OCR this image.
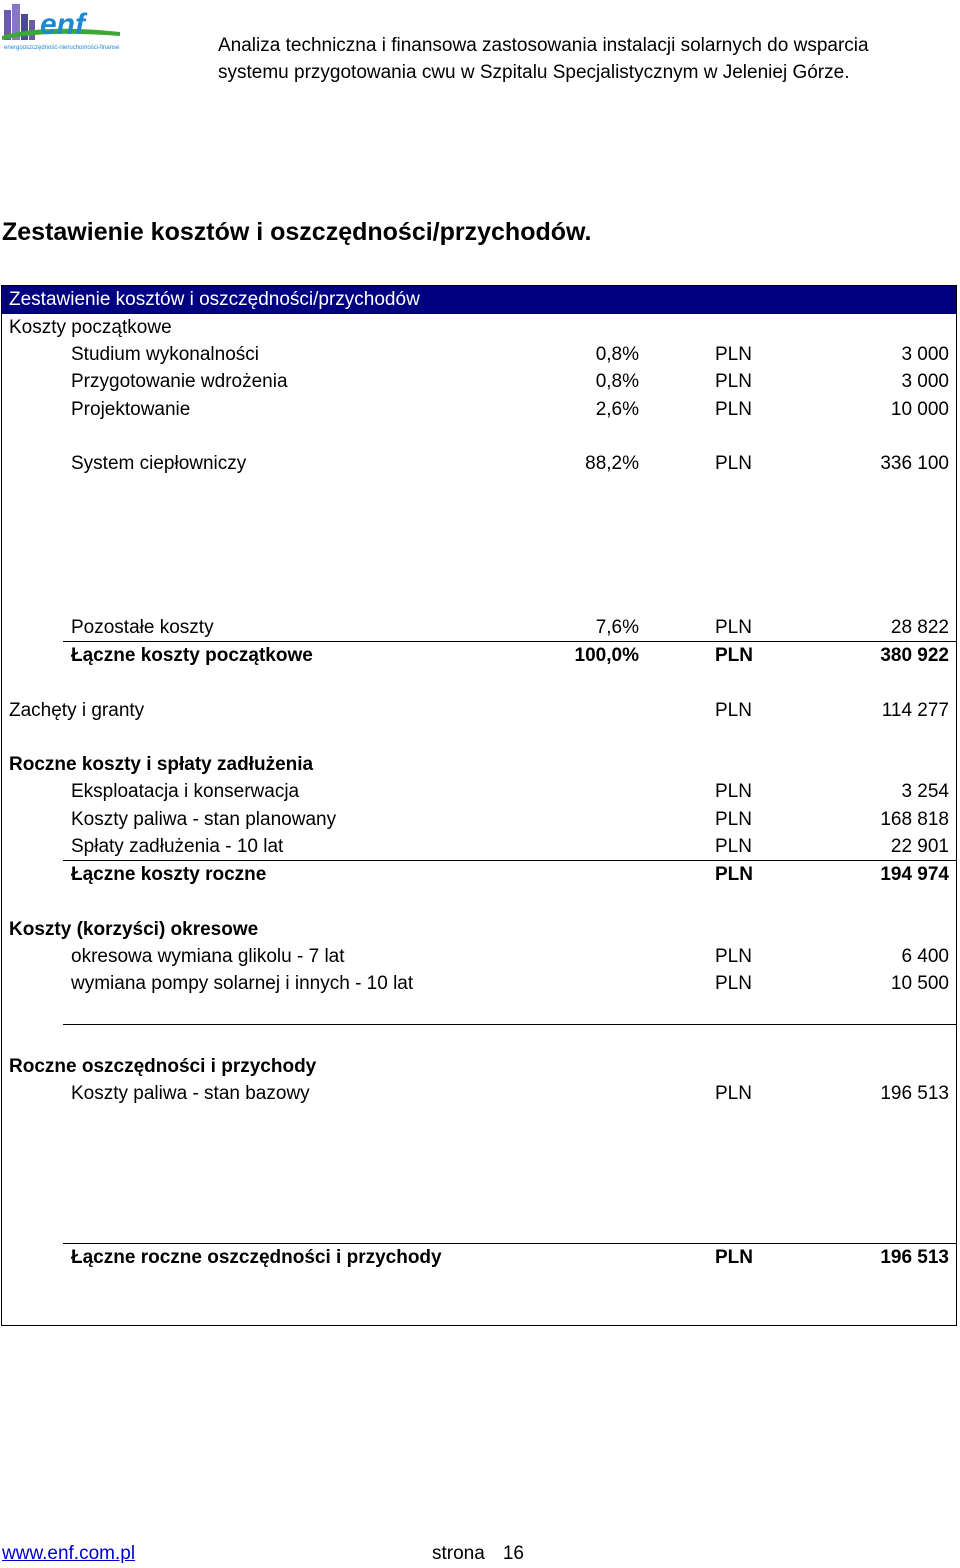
enf
energooszczędność-nieruchomości-finanse	Analiza techniczna i finansowa zastosowania instalacji solarnych do wsparcia systemu przygotowania cwu w Szpitalu Specjalistycznym w Jeleniej Górze.
Zestawienie kosztów i oszczędności/przychodów.
Zestawienie kosztów i oszczędności/przychodów
Koszty początkowe
Studium wykonalności	0,8%	PLN	3 000
Przygotowanie wdrożenia	0,8%	PLN	3 000
Projektowanie	2,6%	PLN	10 000
System ciepłowniczy	88,2%	PLN	336 100
Pozostałe koszty	7,6%	PLN	28 822
Łączne koszty początkowe	100,0%	PLN	380 922
Zachęty i granty	PLN	114 277
Roczne koszty i spłaty zadłużenia
Eksploatacja i konserwacja	PLN	3 254
Koszty paliwa - stan planowany	PLN	168 818
Spłaty zadłużenia - 10 lat	PLN	22 901
Łączne koszty roczne	PLN	194 974
Koszty (korzyści) okresowe
okresowa wymiana glikolu - 7 lat	PLN	6 400
wymiana pompy solarnej i innych - 10 lat	PLN	10 500
Roczne oszczędności i przychody
Koszty paliwa - stan bazowy	PLN	196 513
Łączne roczne oszczędności i przychody	PLN	196 513
www.enf.com.pl	strona 16
